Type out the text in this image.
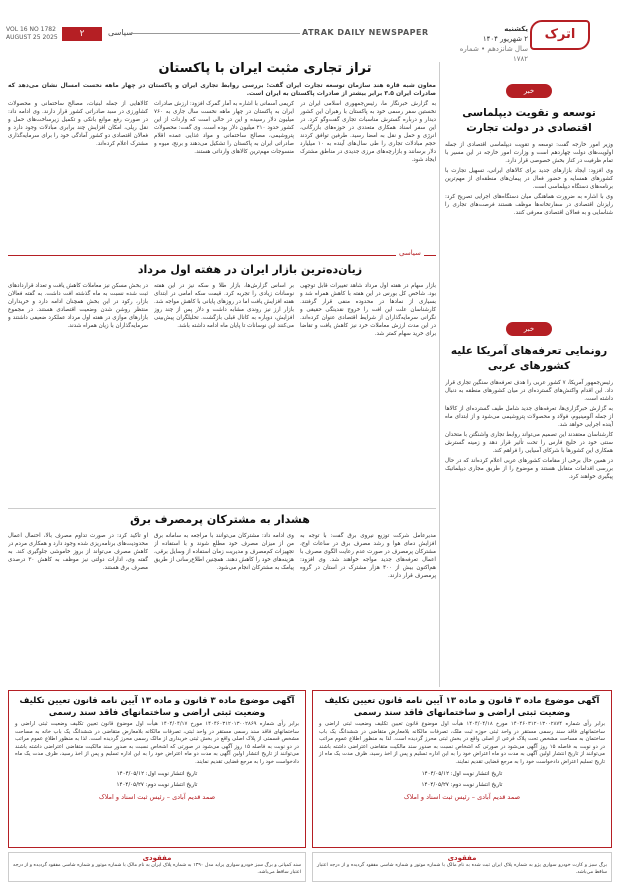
VOL 16 NO 1782
AUGUST 25 2025	۲	سیاسی	ATRAK DAILY NEWSPAPER	یکشنبه
۲ شهریور ۱۴۰۴
سال شانزدهم • شماره ۱۷۸۲
اترک
خبر
توسعه و تقویت دیپلماسی اقتصادی در دولت تجارت

وزیر امور خارجه گفت: توسعه و تقویت دیپلماسی اقتصادی از جمله اولویت‌های دولت چهاردهم است و وزارت امور خارجه در این مسیر با تمام ظرفیت در کنار بخش خصوصی قرار دارد.

وی افزود: ایجاد بازارهای جدید برای کالاهای ایرانی، تسهیل تجارت با کشورهای همسایه و حضور فعال در پیمان‌های منطقه‌ای از مهم‌ترین برنامه‌های دستگاه دیپلماسی است.

وی با اشاره به ضرورت هماهنگی میان دستگاه‌های اجرایی تصریح کرد: رایزنان اقتصادی در سفارتخانه‌ها موظف هستند فرصت‌های تجاری را شناسایی و به فعالان اقتصادی معرفی کنند.

خبر
رونمایی تعرفه‌های آمریکا علیه کشورهای عربی

رئیس‌جمهور آمریکا، ۷ کشور عربی را هدف تعرفه‌های سنگین تجاری قرار داد. این اقدام واکنش‌های گسترده‌ای در میان کشورهای منطقه به دنبال داشته است.

به گزارش خبرگزاری‌ها، تعرفه‌های جدید شامل طیف گسترده‌ای از کالاها از جمله آلومینیوم، فولاد و محصولات پتروشیمی می‌شود و از ابتدای ماه آینده اجرایی خواهد شد.

کارشناسان معتقدند این تصمیم می‌تواند روابط تجاری واشنگتن با متحدان سنتی خود در خلیج فارس را تحت تأثیر قرار دهد و زمینه گسترش همکاری این کشورها با شرکای آسیایی را فراهم کند.

در همین حال برخی از مقامات کشورهای عربی اعلام کرده‌اند که در حال بررسی اقدامات متقابل هستند و موضوع را از طریق مجاری دیپلماتیک پیگیری خواهند کرد.

تراز تجاری مثبت ایران با پاکستان
معاون شبه قاره هند سازمان توسعه تجارت ایران گفت: بررسی روابط تجاری ایران و پاکستان در چهار ماهه نخست امسال نشان می‌دهد که صادرات ایران ۳.۵ برابر بیشتر از صادرات پاکستان به ایران است.
به گزارش خبرنگار ما، رئیس‌جمهوری اسلامی ایران در نخستین سفر رسمی خود به پاکستان با رهبران این کشور دیدار و درباره گسترش مناسبات تجاری گفت‌وگو کرد. در این سفر اسناد همکاری متعددی در حوزه‌های بازرگانی، انرژی و حمل و نقل به امضا رسید. طرفین توافق کردند حجم مبادلات تجاری را طی سال‌های آینده به ۱۰ میلیارد دلار برسانند و بازارچه‌های مرزی جدیدی در مناطق مشترک ایجاد شود.
کریمی آسمانی با اشاره به آمار گمرک افزود: ارزش صادرات ایران به پاکستان در چهار ماهه نخست سال جاری به ۷۶۰ میلیون دلار رسیده و این در حالی است که واردات از این کشور حدود ۲۱۰ میلیون دلار بوده است. وی گفت: محصولات پتروشیمی، مصالح ساختمانی و مواد غذایی عمده اقلام صادراتی ایران به پاکستان را تشکیل می‌دهند و برنج، میوه و منسوجات مهم‌ترین کالاهای وارداتی هستند.
کالاهایی از جمله لبنیات، مصالح ساختمانی و محصولات کشاورزی در سبد صادراتی کشور قرار دارند. وی ادامه داد: در صورت رفع موانع بانکی و تکمیل زیرساخت‌های حمل و نقل ریلی، امکان افزایش چند برابری مبادلات وجود دارد و فعالان اقتصادی دو کشور آمادگی خود را برای سرمایه‌گذاری مشترک اعلام کرده‌اند.
سیاسی
زیان‌ده‌ترین بازار ایران در هفته اول مرداد
بازار سهام در هفته اول مرداد شاهد تغییرات قابل توجهی بود. شاخص کل بورس در این هفته با کاهش همراه شد و بسیاری از نمادها در محدوده منفی قرار گرفتند. کارشناسان علت این افت را خروج نقدینگی حقیقی و نگرانی سرمایه‌گذاران از شرایط اقتصادی عنوان کرده‌اند. در این مدت ارزش معاملات خرد نیز کاهش یافت و تقاضا برای خرید سهام کمتر شد.
بر اساس گزارش‌ها، بازار طلا و سکه نیز در این هفته نوسانات زیادی را تجربه کرد. قیمت سکه امامی در ابتدای هفته افزایش یافت اما در روزهای پایانی با کاهش مواجه شد. بازار ارز نیز روندی مشابه داشت و دلار پس از چند روز افزایش، دوباره به کانال قبلی بازگشت. تحلیلگران پیش‌بینی می‌کنند این نوسانات تا پایان ماه ادامه داشته باشد.
در بخش مسکن نیز معاملات کاهش یافت و تعداد قراردادهای ثبت شده نسبت به ماه گذشته افت داشت. به گفته فعالان بازار، رکود در این بخش همچنان ادامه دارد و خریداران منتظر روشن شدن وضعیت اقتصادی هستند. در مجموع بازارهای موازی در هفته اول مرداد عملکرد ضعیفی داشتند و سرمایه‌گذاران با زیان همراه شدند.
هشدار به مشترکان پرمصرف برق
مدیرعامل شرکت توزیع نیروی برق گفت: با توجه به افزایش دمای هوا و رشد مصرف برق در ساعات اوج، مشترکان پرمصرف در صورت عدم رعایت الگوی مصرف با اعمال تعرفه‌های جدید مواجه خواهند شد. وی افزود: هم‌اکنون بیش از ۴۰۰ هزار مشترک در استان در گروه پرمصرف قرار دارند.
وی ادامه داد: مشترکان می‌توانند با مراجعه به سامانه برق من از میزان مصرف خود مطلع شوند و با استفاده از تجهیزات کم‌مصرف و مدیریت زمان استفاده از وسایل برقی، هزینه‌های خود را کاهش دهند. همچنین اطلاع‌رسانی از طریق پیامک به مشترکان انجام می‌شود.
او تأکید کرد: در صورت تداوم مصرف بالا، احتمال اعمال محدودیت‌های برنامه‌ریزی شده وجود دارد و همکاری مردم در کاهش مصرف می‌تواند از بروز خاموشی جلوگیری کند. به گفته وی، ادارات دولتی نیز موظف به کاهش ۳۰ درصدی مصرف برق هستند.
آگهی موضوع ماده ۳ قانون و ماده ۱۳ آیین نامه قانون تعیین تکلیف وضعیت ثبتی اراضی و ساختمانهای فاقد سند رسمی
برابر رأی شماره ۱۴۰۴۶۰۳۱۲۰۱۳۰۰۲۸۷۴ مورخ ۱۴۰۴/۰۴/۱۸ هیأت اول موضوع قانون تعیین تکلیف وضعیت ثبتی اراضی و ساختمانهای فاقد سند رسمی مستقر در واحد ثبتی حوزه ثبت ملک، تصرفات مالکانه بلامعارض متقاضی در ششدانگ یک باب ساختمان به مساحت مشخص تحت پلاک فرعی از اصلی واقع در بخش ثبتی محرز گردیده است. لذا به منظور اطلاع عموم مراتب در دو نوبت به فاصله ۱۵ روز آگهی می‌شود در صورتی که اشخاص نسبت به صدور سند مالکیت متقاضی اعتراضی داشته باشند می‌توانند از تاریخ انتشار اولین آگهی به مدت دو ماه اعتراض خود را به این اداره تسلیم و پس از اخذ رسید، ظرف مدت یک ماه از تاریخ تسلیم اعتراض دادخواست خود را به مرجع قضایی تقدیم نمایند.
تاریخ انتشار نوبت اول: ۱۴۰۴/۰۵/۱۲
تاریخ انتشار نوبت دوم: ۱۴۰۴/۰۵/۲۷
صمد قدیم آبادی – رئیس ثبت اسناد و املاک
آگهی موضوع ماده ۳ قانون و ماده ۱۳ آیین نامه قانون تعیین تکلیف وضعیت ثبتی اراضی و ساختمانهای فاقد سند رسمی
برابر رأی شماره ۱۴۰۴۶۰۳۱۲۰۱۳۰۰۲۸۶۹ مورخ ۱۴۰۴/۰۴/۱۷ هیأت اول موضوع قانون تعیین تکلیف وضعیت ثبتی اراضی و ساختمانهای فاقد سند رسمی مستقر در واحد ثبتی، تصرفات مالکانه بلامعارض متقاضی در ششدانگ یک باب خانه به مساحت مشخص قسمتی از پلاک اصلی واقع در بخش ثبتی خریداری از مالک رسمی محرز گردیده است. لذا به منظور اطلاع عموم مراتب در دو نوبت به فاصله ۱۵ روز آگهی می‌شود در صورتی که اشخاص نسبت به صدور سند مالکیت متقاضی اعتراضی داشته باشند می‌توانند از تاریخ انتشار اولین آگهی به مدت دو ماه اعتراض خود را به این اداره تسلیم و پس از اخذ رسید، ظرف مدت یک ماه دادخواست خود را به مرجع قضایی تقدیم نمایند.
تاریخ انتشار نوبت اول: ۱۴۰۴/۰۵/۱۲
تاریخ انتشار نوبت دوم: ۱۴۰۴/۰۵/۲۷
صمد قدیم آبادی – رئیس ثبت اسناد و املاک
مفقودی
برگ سبز و کارت خودرو سواری پژو به شماره پلاک ایران ثبت شده به نام مالک با شماره موتور و شماره شاسی مفقود گردیده و از درجه اعتبار ساقط می‌باشد.
مفقودی
سند کمپانی و برگ سبز خودرو سواری پراید مدل ۱۳۹۰ به شماره پلاک ایران به نام مالک با شماره موتور و شماره شاسی مفقود گردیده و از درجه اعتبار ساقط می‌باشد.
